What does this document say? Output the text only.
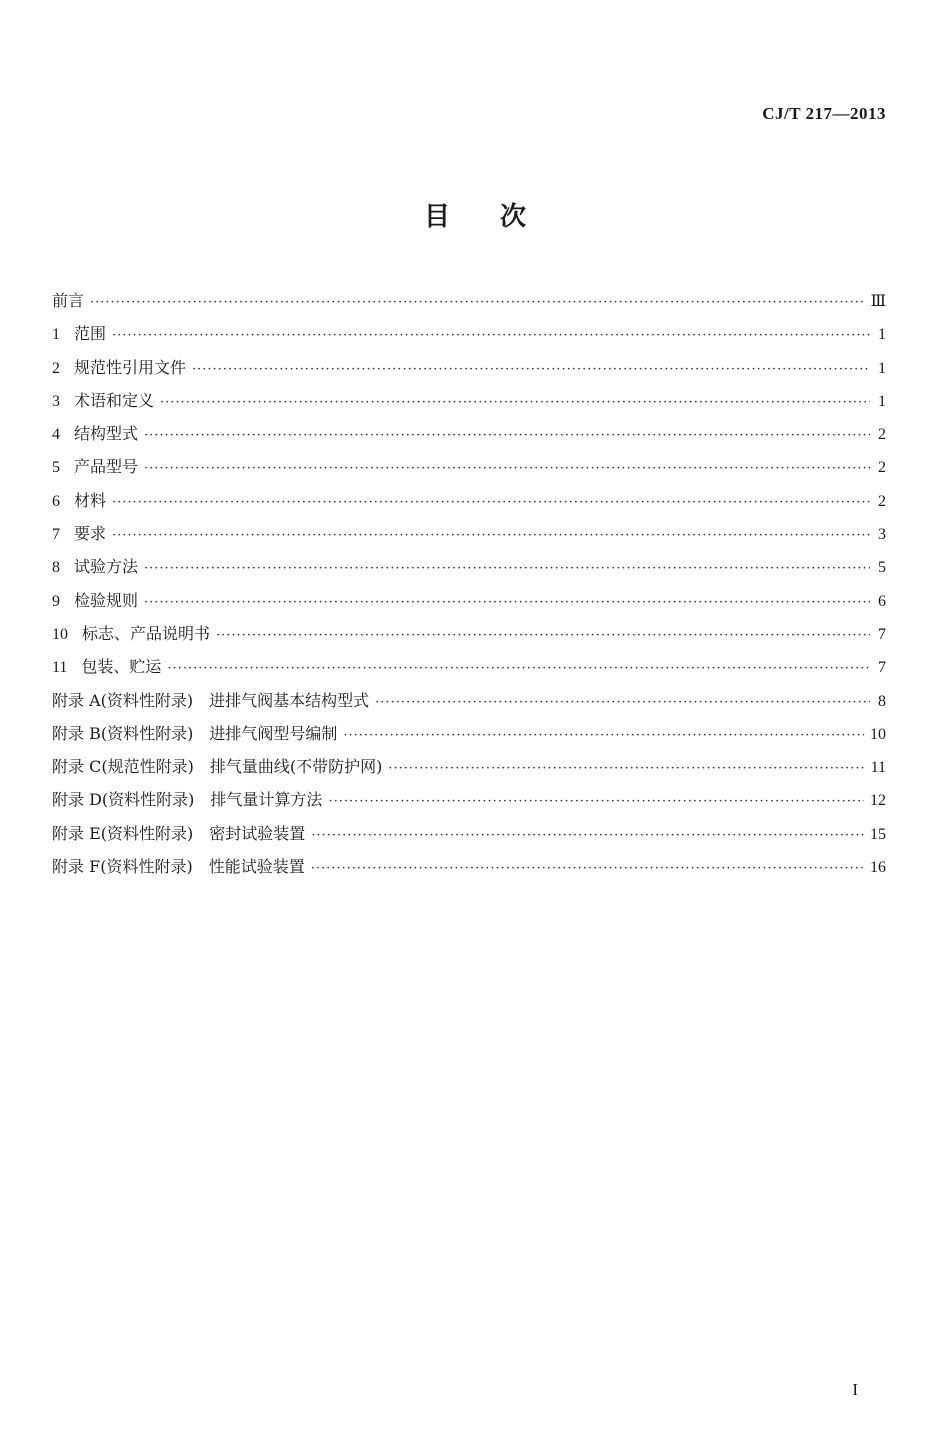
CJ/T 217—2013
目次
前言 ·····	Ⅲ
1 范围 ·····	1
2 规范性引用文件 ·····	1
3 术语和定义 ·····	1
4 结构型式 ·····	2
5 产品型号 ·····	2
6 材料 ·····	2
7 要求 ·····	3
8 试验方法 ·····	5
9 检验规则 ·····	6
10 标志、产品说明书 ·····	7
11 包装、贮运 ·····	7
附录 A(资料性附录) 进排气阀基本结构型式 ·····	8
附录 B(资料性附录) 进排气阀型号编制 ·····	10
附录 C(规范性附录) 排气量曲线(不带防护网) ·····	11
附录 D(资料性附录) 排气量计算方法 ·····	12
附录 E(资料性附录) 密封试验装置 ·····	15
附录 F(资料性附录) 性能试验装置 ·····	16
I
